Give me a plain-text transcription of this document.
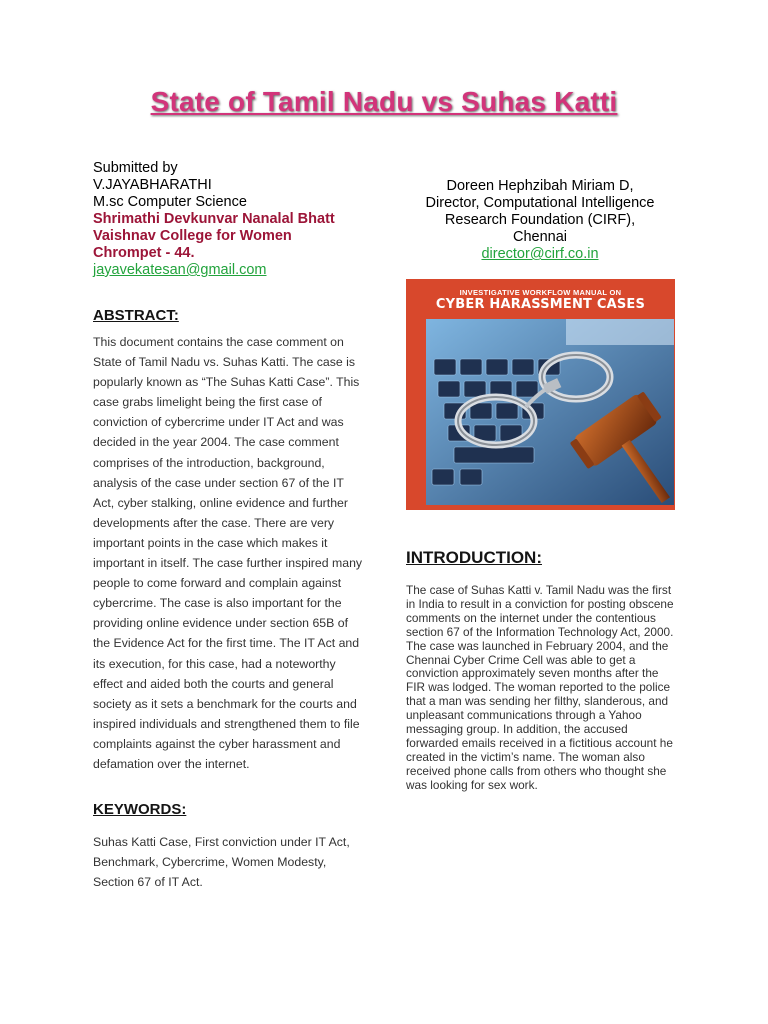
State of Tamil Nadu vs Suhas Katti
Submitted by
V.JAYABHARATHI
M.sc Computer Science
Shrimathi Devkunvar Nanalal Bhatt
Vaishnav College for Women
Chrompet - 44.
jayavekatesan@gmail.com
Doreen Hephzibah Miriam D,
Director, Computational Intelligence
Research Foundation (CIRF),
Chennai
director@cirf.co.in
ABSTRACT:
This document contains the case comment on State of Tamil Nadu vs. Suhas Katti. The case is popularly known as “The Suhas Katti Case”. This case grabs limelight being the first case of conviction of cybercrime under IT Act and was decided in the year 2004. The case comment comprises of the introduction, background, analysis of the case under section 67 of the IT Act, cyber stalking, online evidence and further developments after the case. There are very important points in the case which makes it important in itself. The case further inspired many people to come forward and complain against cybercrime. The case is also important for the providing online evidence under section 65B of the Evidence Act for the first time. The IT Act and its execution, for this case, had a noteworthy effect and aided both the courts and general society as it sets a benchmark for the courts and inspired individuals and strengthened them to file complaints against the cyber harassment and defamation over the internet.
KEYWORDS:
Suhas Katti Case, First conviction under IT Act, Benchmark, Cybercrime, Women Modesty, Section 67 of IT Act.
INVESTIGATIVE WORKFLOW MANUAL ON
CYBER HARASSMENT CASES
INTRODUCTION:
The case of Suhas Katti v. Tamil Nadu was the first in India to result in a conviction for posting obscene comments on the internet under the contentious section 67 of the Information Technology Act, 2000. The case was launched in February 2004, and the Chennai Cyber Crime Cell was able to get a conviction approximately seven months after the FIR was lodged. The woman reported to the police that a man was sending her filthy, slanderous, and unpleasant communications through a Yahoo messaging group. In addition, the accused forwarded emails received in a fictitious account he created in the victim’s name. The woman also received phone calls from others who thought she was looking for sex work.
